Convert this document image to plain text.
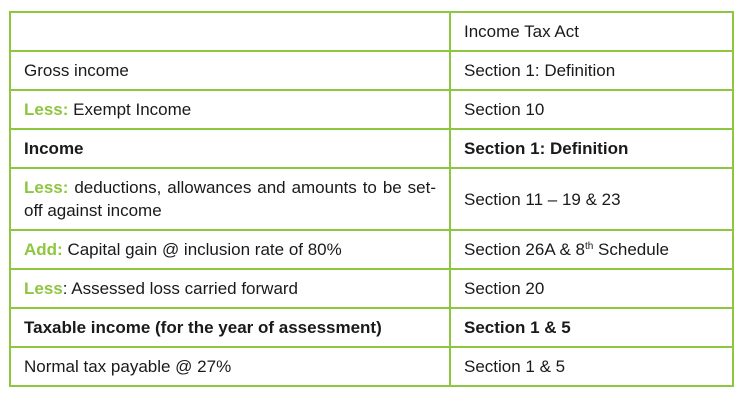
	Income Tax Act
Gross income	Section 1: Definition
Less: Exempt Income	Section 10
Income	Section 1: Definition
Less: deductions, allowances and amounts to be set-off against income	Section 11 – 19 & 23
Add: Capital gain @ inclusion rate of 80%	Section 26A & 8th Schedule
Less: Assessed loss carried forward	Section 20
Taxable income (for the year of assessment)	Section 1 & 5
Normal tax payable @ 27%	Section 1 & 5
